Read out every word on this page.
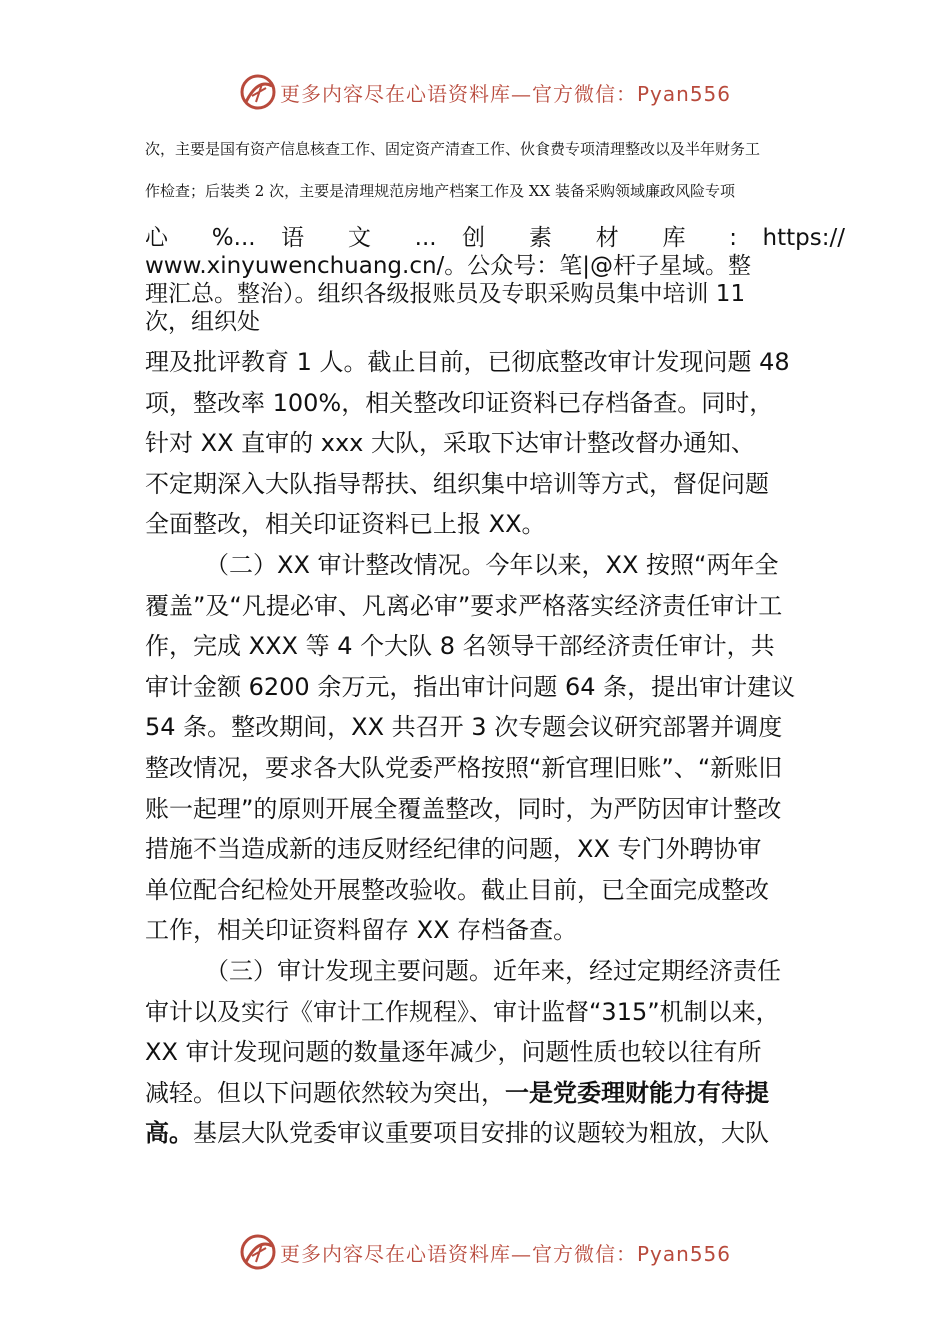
更多内容尽在心语资料库—官方微信：Pyan556
次，主要是国有资产信息核查工作、固定资产清查工作、伙食费专项清理整改以及半年财务工
作检查；后装类 2 次，主要是清理规范房地产档案工作及 XX 装备采购领域廉政风险专项
心 %... 语 文 ... 创 素 材 库 : https://
www.xinyuwenchuang.cn/。公众号：笔|@杆子星域。整
理汇总。整治）。组织各级报账员及专职采购员集中培训 11
次，组织处
理及批评教育 1 人。截止目前，已彻底整改审计发现问题 48
项，整改率 100%，相关整改印证资料已存档备查。同时，
针对 XX 直审的 xxx 大队，采取下达审计整改督办通知、
不定期深入大队指导帮扶、组织集中培训等方式，督促问题
全面整改，相关印证资料已上报 XX。
（二）XX 审计整改情况。今年以来，XX 按照“两年全
覆盖”及“凡提必审、凡离必审”要求严格落实经济责任审计工
作，完成 XXX 等 4 个大队 8 名领导干部经济责任审计，共
审计金额 6200 余万元，指出审计问题 64 条，提出审计建议
54 条。整改期间，XX 共召开 3 次专题会议研究部署并调度
整改情况，要求各大队党委严格按照“新官理旧账”、“新账旧
账一起理”的原则开展全覆盖整改，同时，为严防因审计整改
措施不当造成新的违反财经纪律的问题，XX 专门外聘协审
单位配合纪检处开展整改验收。截止目前，已全面完成整改
工作，相关印证资料留存 XX 存档备查。
（三）审计发现主要问题。近年来，经过定期经济责任
审计以及实行《审计工作规程》、审计监督“315”机制以来，
XX 审计发现问题的数量逐年减少，问题性质也较以往有所
减轻。但以下问题依然较为突出，一是党委理财能力有待提
高。基层大队党委审议重要项目安排的议题较为粗放，大队
更多内容尽在心语资料库—官方微信：Pyan556
